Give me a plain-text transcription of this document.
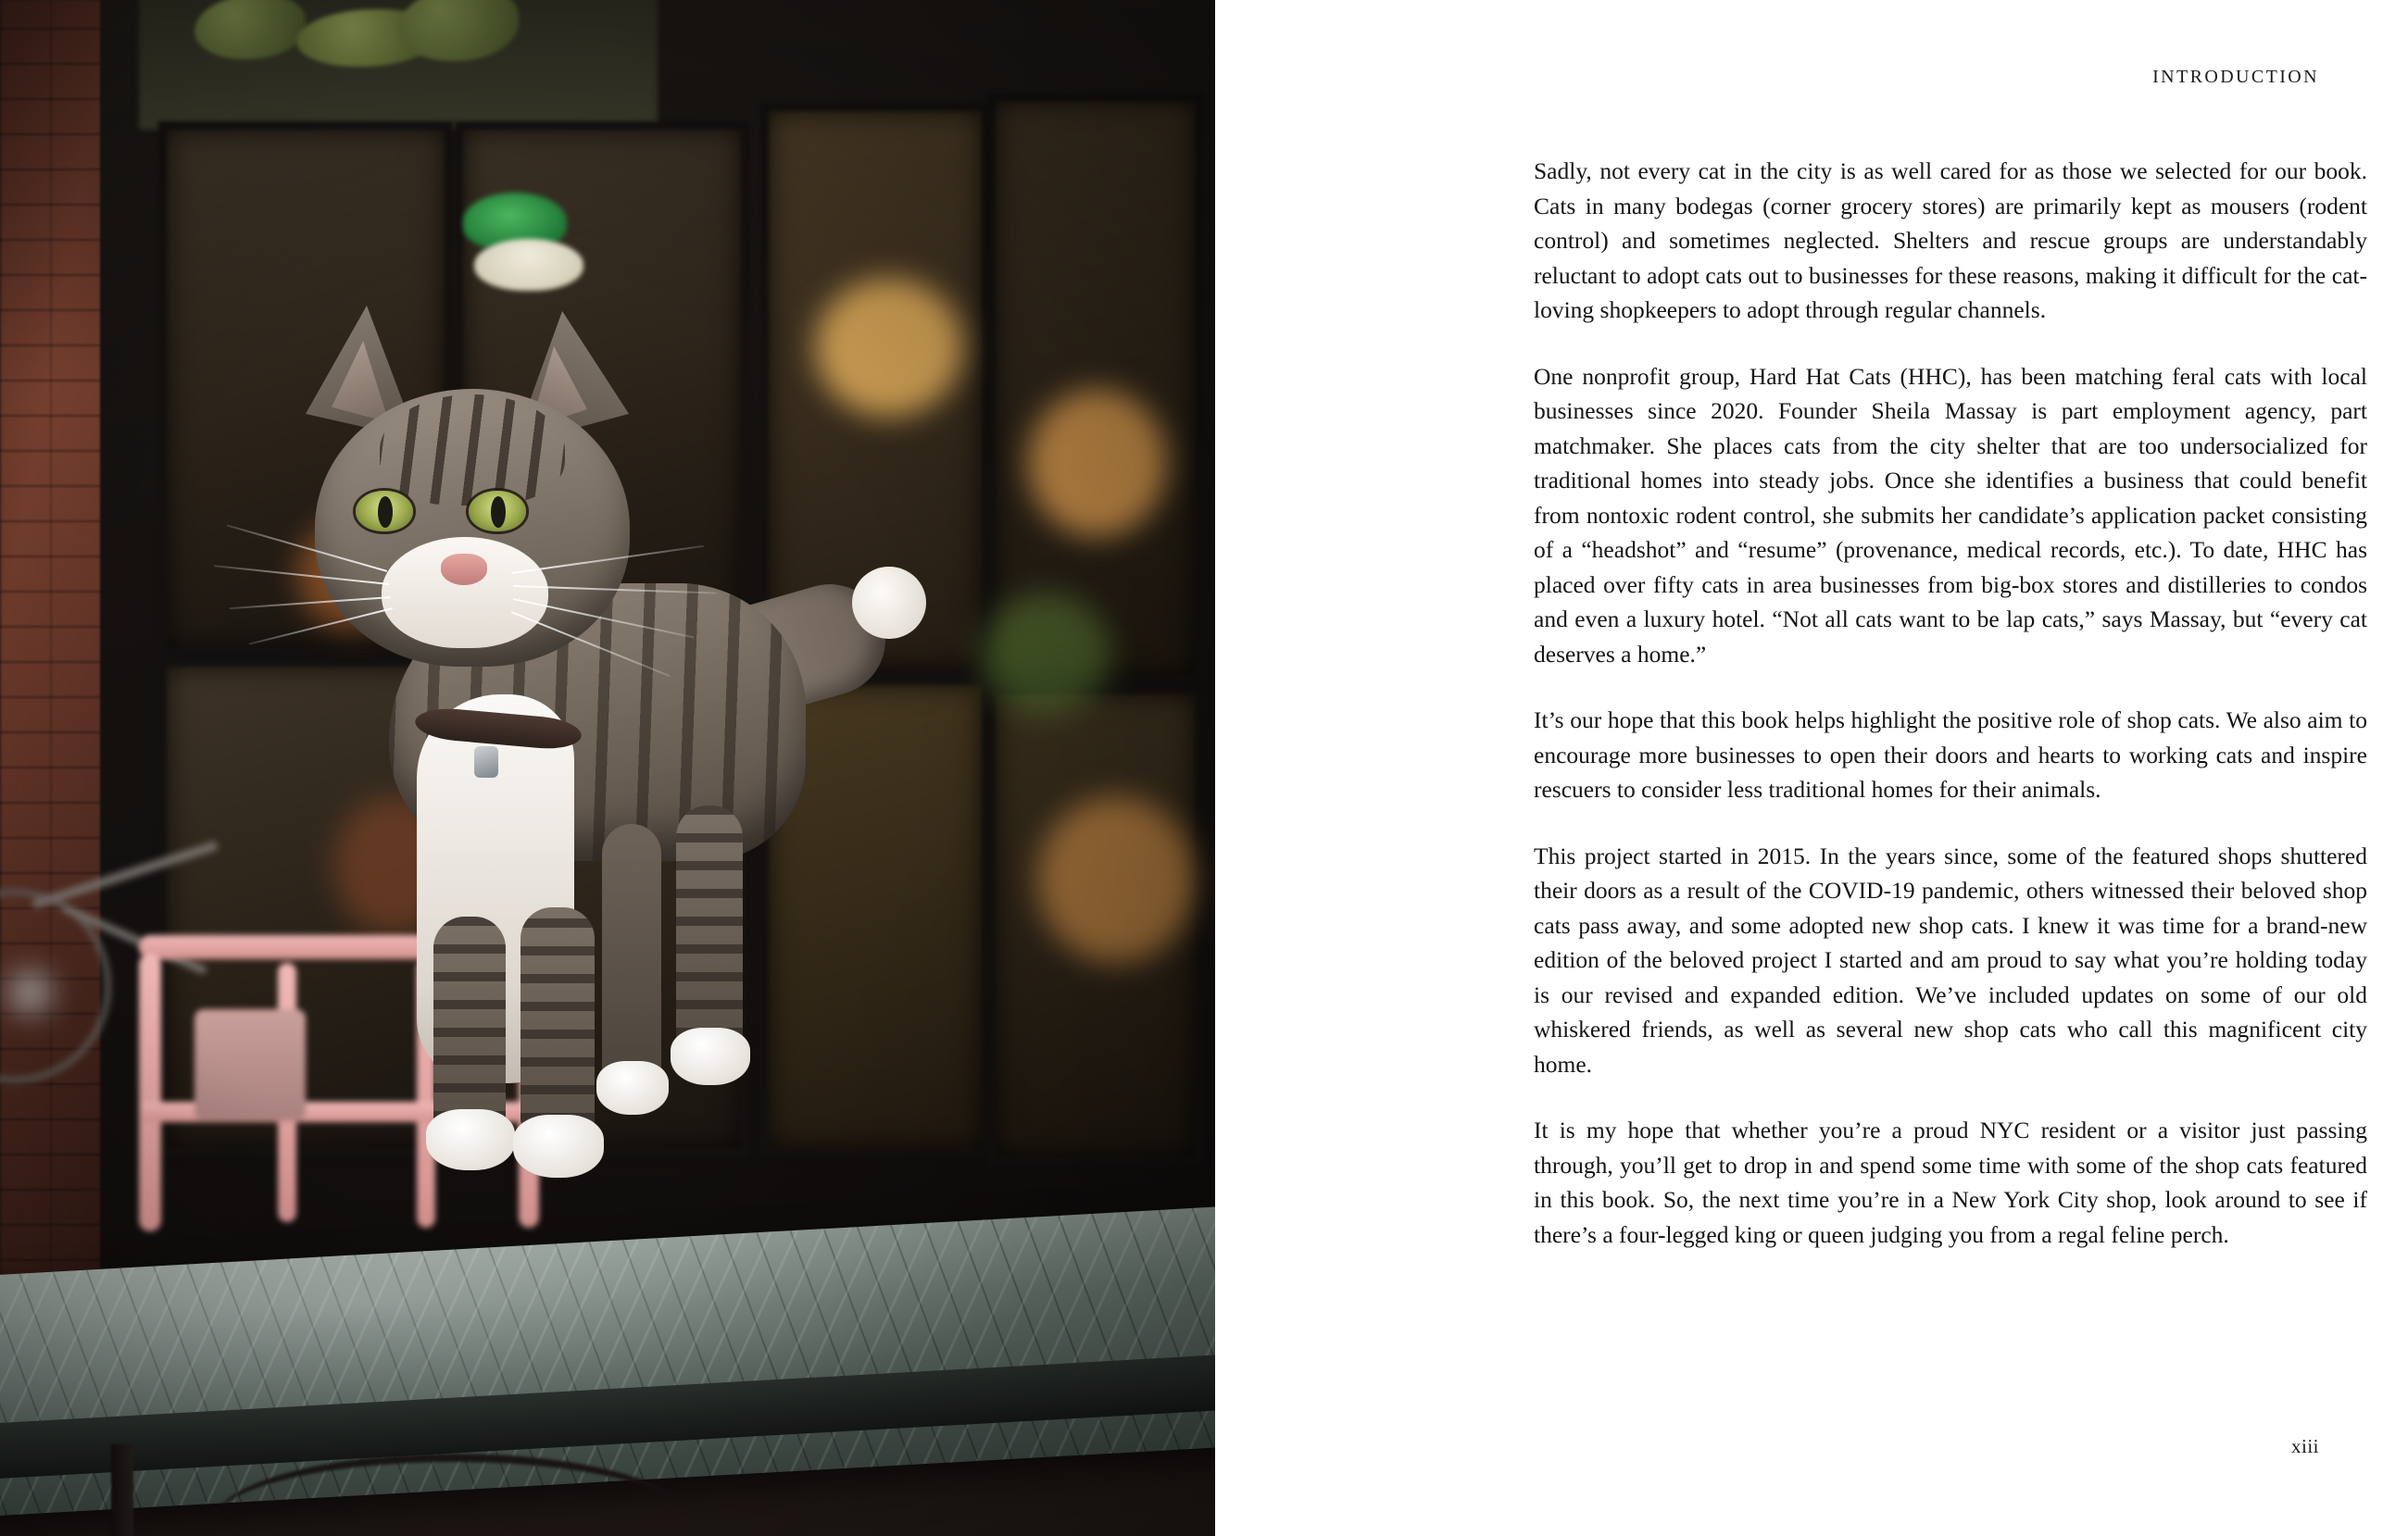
INTRODUCTION

Sadly, not every cat in the city is as well cared for as those we selected for our book. Cats in many bodegas (corner grocery stores) are primarily kept as mousers (rodent control) and sometimes neglected. Shelters and rescue groups are understandably reluctant to adopt cats out to businesses for these reasons, making it difficult for the cat-loving shopkeepers to adopt through regular channels.

One nonprofit group, Hard Hat Cats (HHC), has been matching feral cats with local businesses since 2020. Founder Sheila Massay is part employment agency, part matchmaker. She places cats from the city shelter that are too undersocialized for traditional homes into steady jobs. Once she identifies a business that could benefit from nontoxic rodent control, she submits her candidate’s application packet consisting of a “headshot” and “resume” (provenance, medical records, etc.). To date, HHC has placed over fifty cats in area businesses from big-box stores and distilleries to condos and even a luxury hotel. “Not all cats want to be lap cats,” says Massay, but “every cat deserves a home.”

It’s our hope that this book helps highlight the positive role of shop cats. We also aim to encourage more businesses to open their doors and hearts to working cats and inspire rescuers to consider less traditional homes for their animals.

This project started in 2015. In the years since, some of the featured shops shuttered their doors as a result of the COVID-19 pandemic, others witnessed their beloved shop cats pass away, and some adopted new shop cats. I knew it was time for a brand-new edition of the beloved project I started and am proud to say what you’re holding today is our revised and expanded edition. We’ve included updates on some of our old whiskered friends, as well as several new shop cats who call this magnificent city home.

It is my hope that whether you’re a proud NYC resident or a visitor just passing through, you’ll get to drop in and spend some time with some of the shop cats featured in this book. So, the next time you’re in a New York City shop, look around to see if there’s a four-legged king or queen judging you from a regal feline perch.

xiii
